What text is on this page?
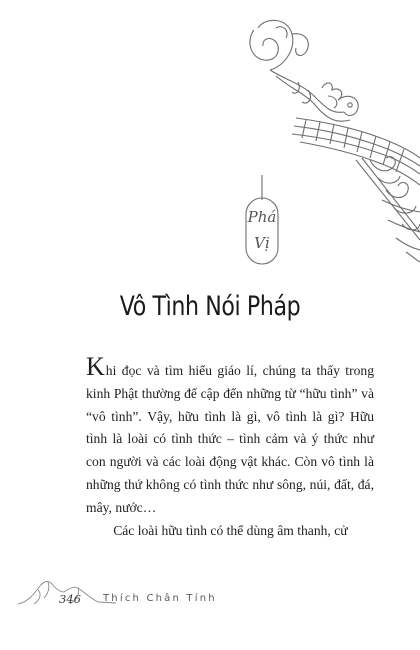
Phá
Vị
Vô Tình Nói Pháp

Khi đọc và tìm hiểu giáo lí, chúng ta thấy trong kinh Phật thường để cập đến những từ “hữu tình” và “vô tình”. Vậy, hữu tình là gì, vô tình là gì? Hữu tình là loài có tình thức – tình cảm và ý thức như con người và các loài động vật khác. Còn vô tình là những thứ không có tình thức như sông, núi, đất, đá, mây, nước…

Các loài hữu tình có thể dùng âm thanh, cử

346 Thích Chân Tính
